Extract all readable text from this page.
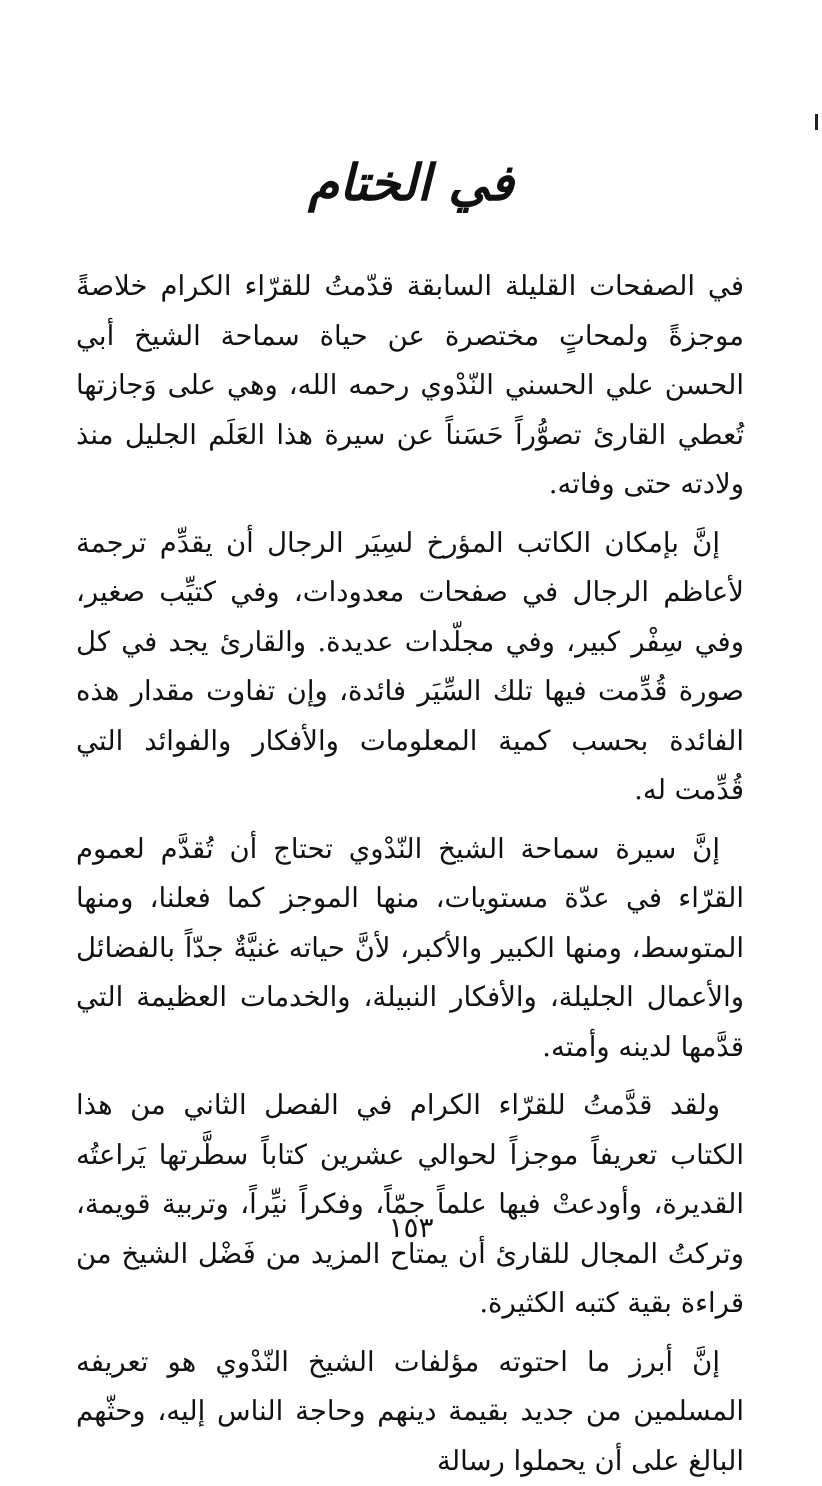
في الختام

في الصفحات القليلة السابقة قدّمتُ للقرّاء الكرام خلاصةً موجزةً ولمحاتٍ مختصرة عن حياة سماحة الشيخ أبي الحسن علي الحسني النّدْوي رحمه الله، وهي على وَجازتها تُعطي القارئ تصوُّراً حَسَناً عن سيرة هذا العَلَم الجليل منذ ولادته حتى وفاته.

إنَّ بإمكان الكاتب المؤرخ لسِيَر الرجال أن يقدِّم ترجمة لأعاظم الرجال في صفحات معدودات، وفي كتيِّب صغير، وفي سِفْر كبير، وفي مجلّدات عديدة. والقارئ يجد في كل صورة قُدِّمت فيها تلك السِّيَر فائدة، وإن تفاوت مقدار هذه الفائدة بحسب كمية المعلومات والأفكار والفوائد التي قُدِّمت له.

إنَّ سيرة سماحة الشيخ النّدْوي تحتاج أن تُقدَّم لعموم القرّاء في عدّة مستويات، منها الموجز كما فعلنا، ومنها المتوسط، ومنها الكبير والأكبر، لأنَّ حياته غنيَّةٌ جدّاً بالفضائل والأعمال الجليلة، والأفكار النبيلة، والخدمات العظيمة التي قدَّمها لدينه وأمته.

ولقد قدَّمتُ للقرّاء الكرام في الفصل الثاني من هذا الكتاب تعريفاً موجزاً لحوالي عشرين كتاباً سطَّرتها يَراعتُه القديرة، وأودعتْ فيها علماً جمّاً، وفكراً نيِّراً، وتربية قويمة، وتركتُ المجال للقارئ أن يمتاح المزيد من فَضْل الشيخ من قراءة بقية كتبه الكثيرة.

إنَّ أبرز ما احتوته مؤلفات الشيخ النّدْوي هو تعريفه المسلمين من جديد بقيمة دينهم وحاجة الناس إليه، وحثّهم البالغ على أن يحملوا رسالة

١٥٣
